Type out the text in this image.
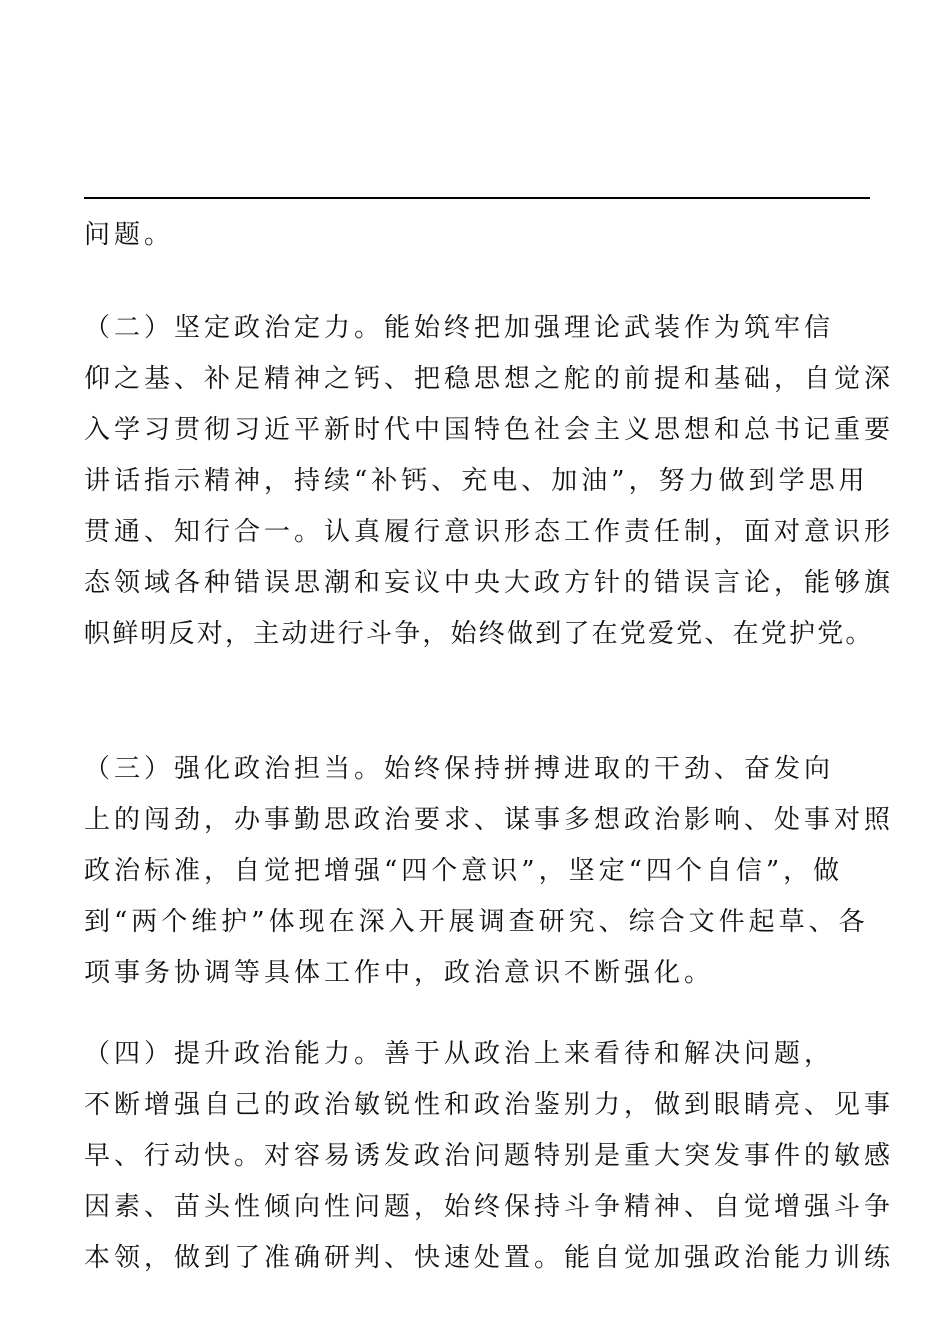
问题。
（二）坚定政治定力。能始终把加强理论武装作为筑牢信
仰之基、补足精神之钙、把稳思想之舵的前提和基础，自觉深
入学习贯彻习近平新时代中国特色社会主义思想和总书记重要
讲话指示精神，持续“补钙、充电、加油”，努力做到学思用
贯通、知行合一。认真履行意识形态工作责任制，面对意识形
态领域各种错误思潮和妄议中央大政方针的错误言论，能够旗
帜鲜明反对，主动进行斗争，始终做到了在党爱党、在党护党。
（三）强化政治担当。始终保持拼搏进取的干劲、奋发向
上的闯劲，办事勤思政治要求、谋事多想政治影响、处事对照
政治标准，自觉把增强“四个意识”，坚定“四个自信”，做
到“两个维护”体现在深入开展调查研究、综合文件起草、各
项事务协调等具体工作中，政治意识不断强化。
（四）提升政治能力。善于从政治上来看待和解决问题，
不断增强自己的政治敏锐性和政治鉴别力，做到眼睛亮、见事
早、行动快。对容易诱发政治问题特别是重大突发事件的敏感
因素、苗头性倾向性问题，始终保持斗争精神、自觉增强斗争
本领，做到了准确研判、快速处置。能自觉加强政治能力训练
